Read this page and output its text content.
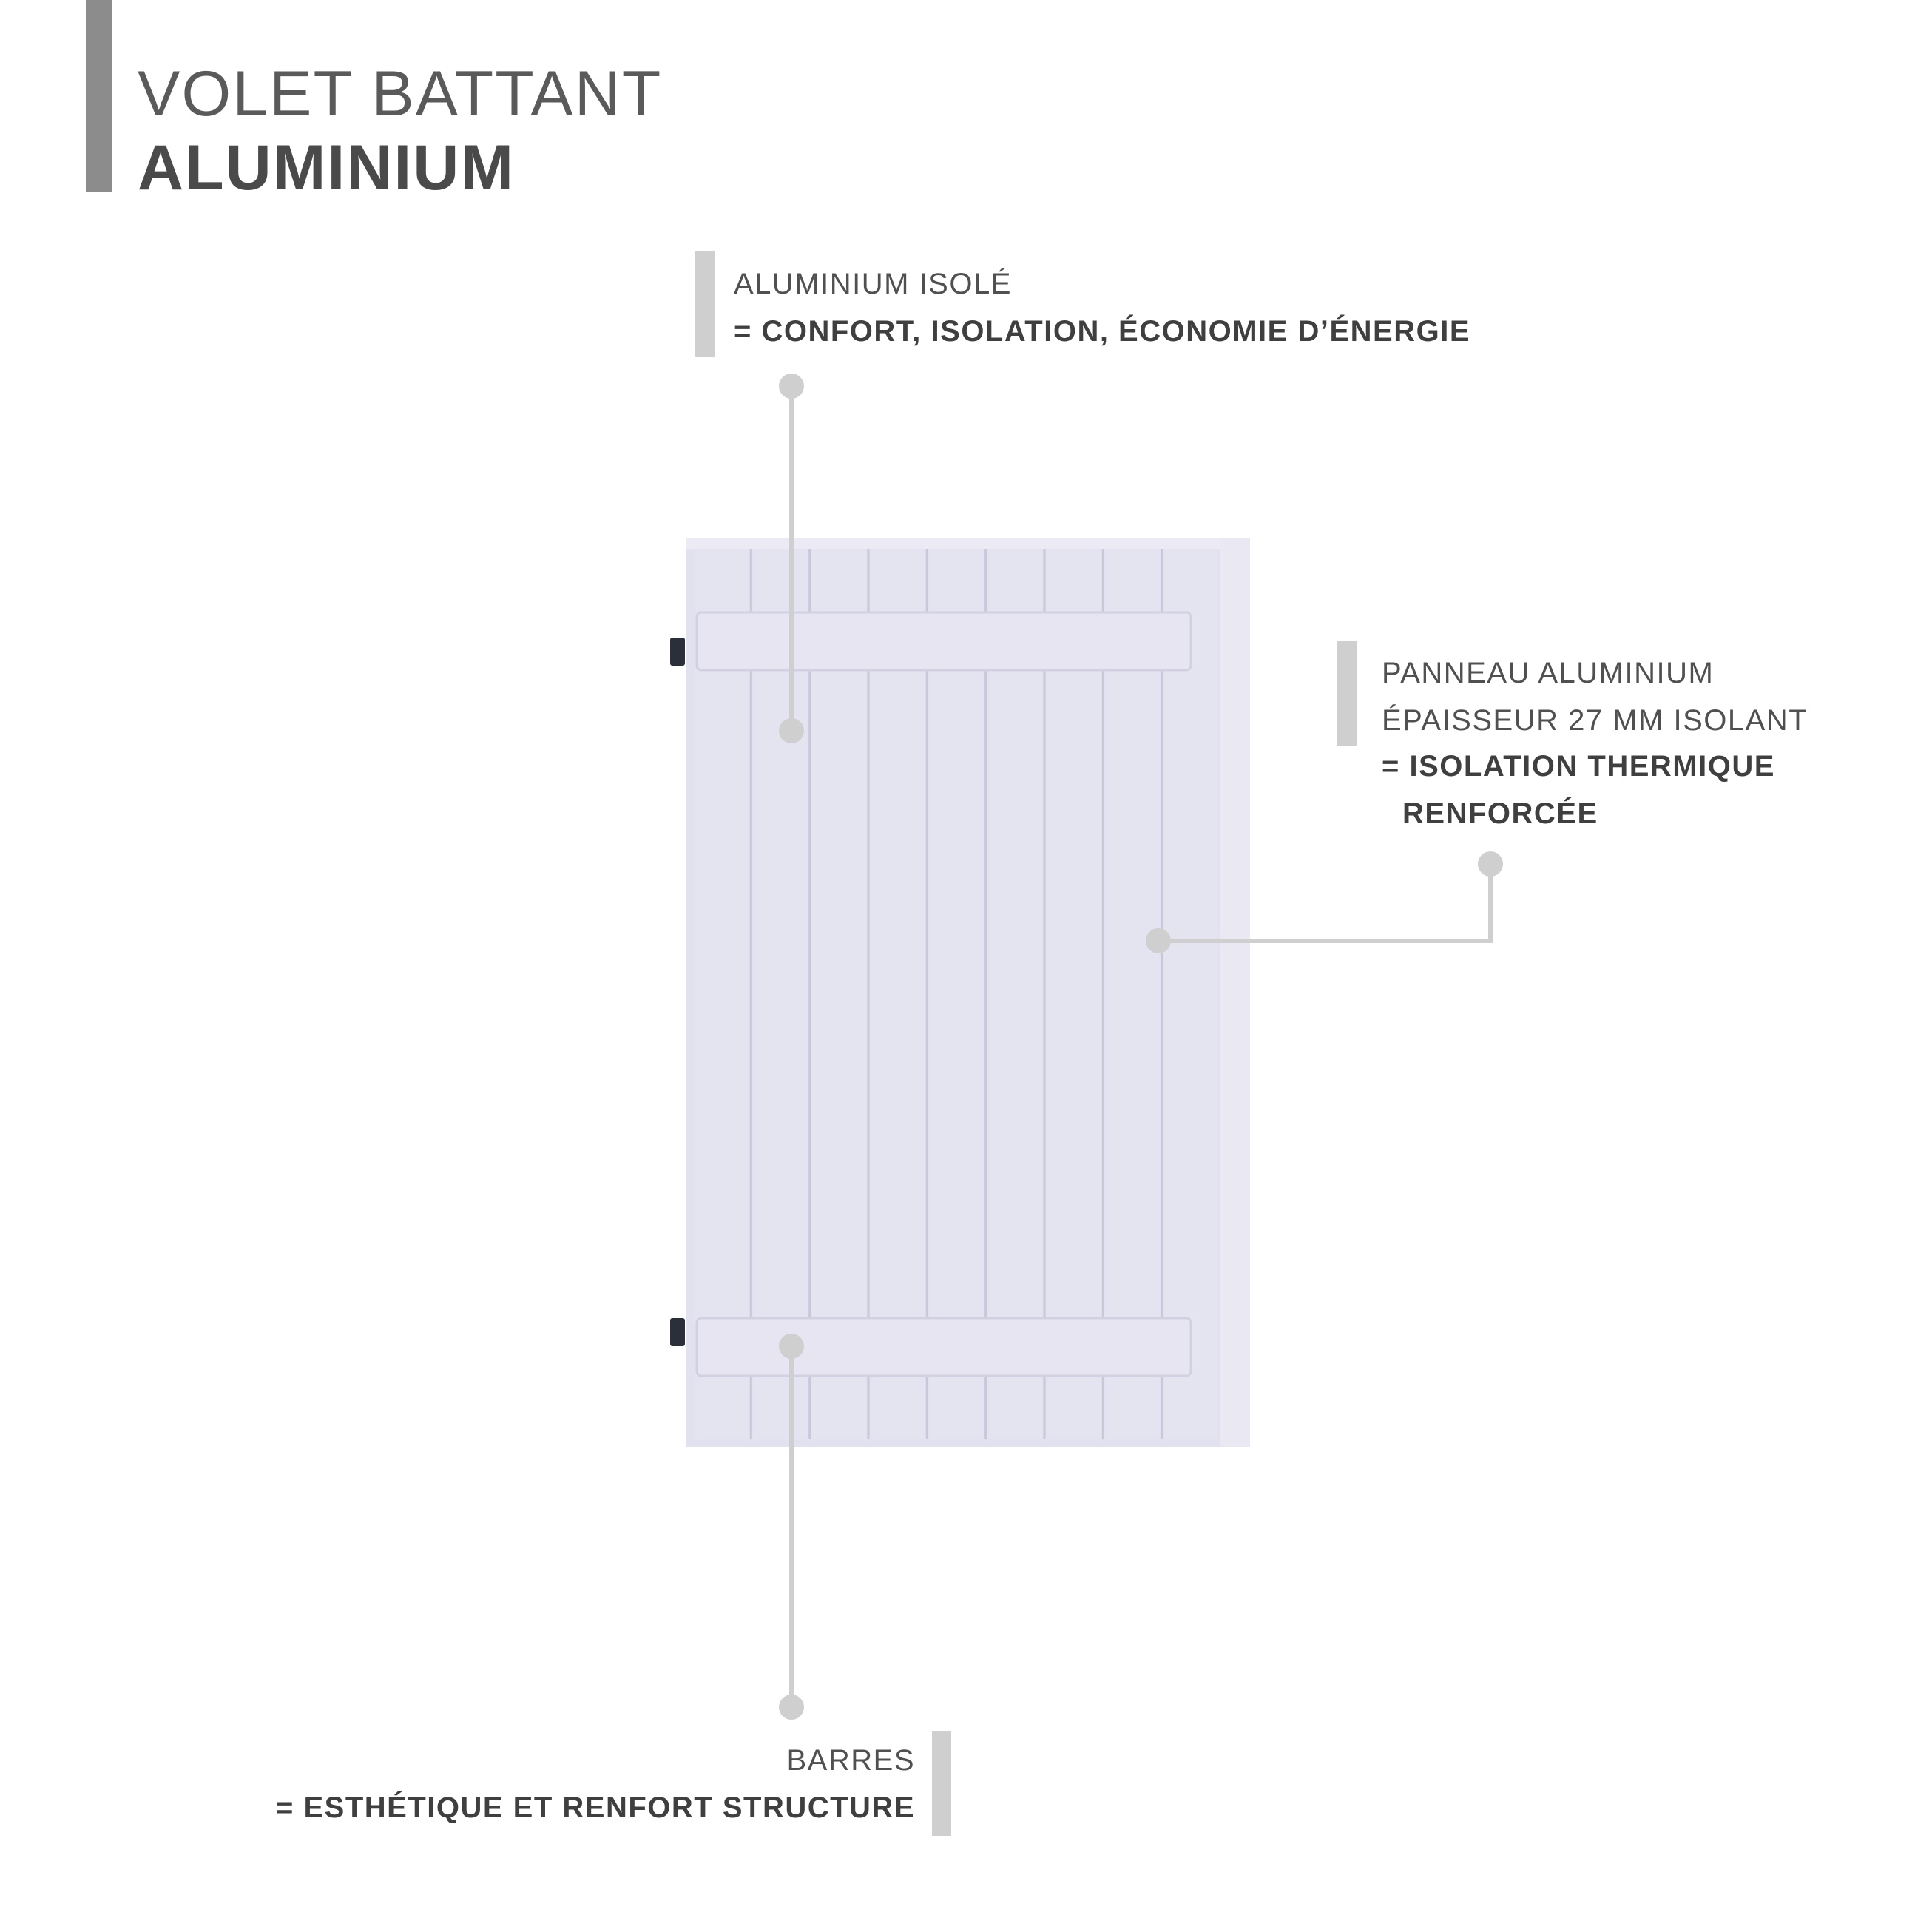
VOLET BATTANT
ALUMINIUM
ALUMINIUM ISOLÉ
= CONFORT, ISOLATION, ÉCONOMIE D’ÉNERGIE
PANNEAU ALUMINIUM
ÉPAISSEUR 27 MM ISOLANT
= ISOLATION THERMIQUE
RENFORCÉE
BARRES
= ESTHÉTIQUE ET RENFORT STRUCTURE
